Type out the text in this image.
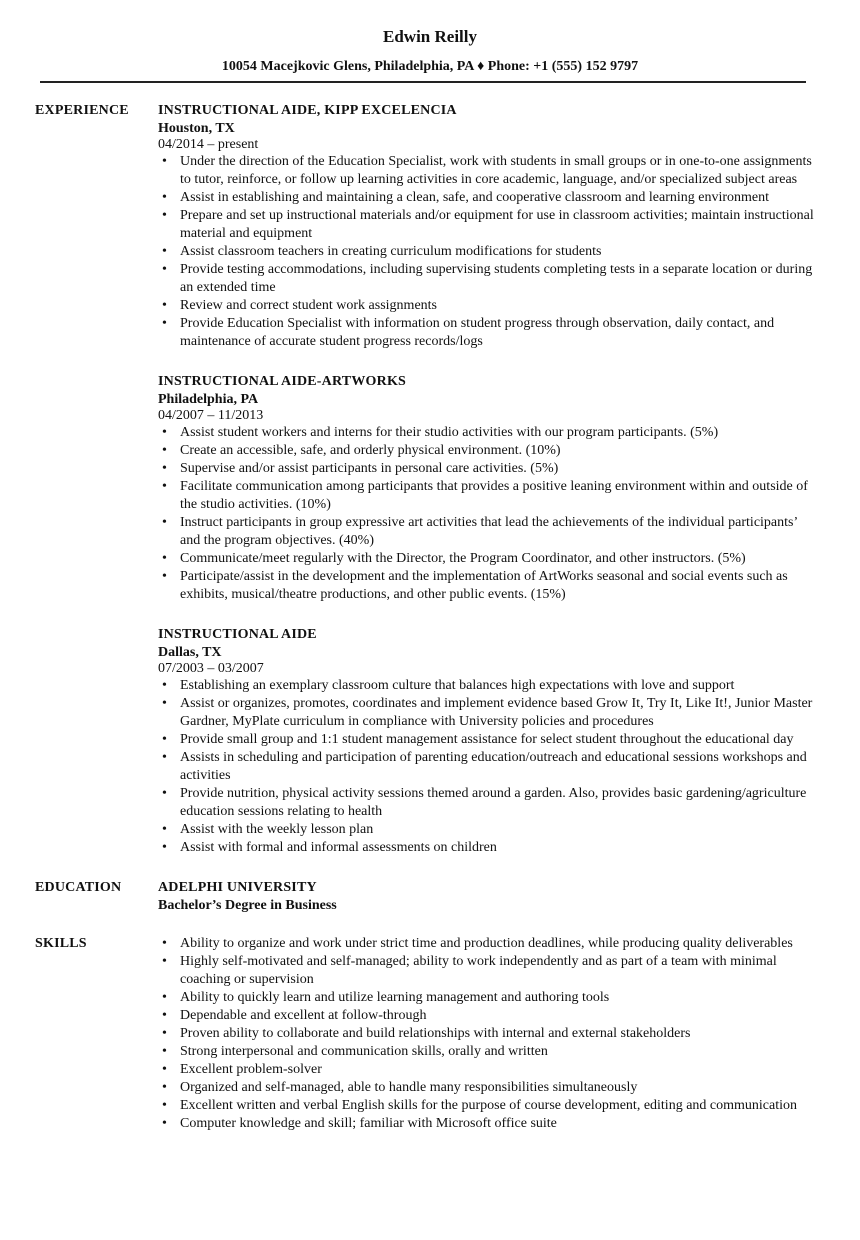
Edwin Reilly
10054 Macejkovic Glens, Philadelphia, PA ♦ Phone: +1 (555) 152 9797
EXPERIENCE INSTRUCTIONAL AIDE, KIPP EXCELENCIA
Houston, TX
04/2014 – present
• Under the direction of the Education Specialist, work with students in small groups or in one-to-one assignments to tutor, reinforce, or follow up learning activities in core academic, language, and/or specialized subject areas
• Assist in establishing and maintaining a clean, safe, and cooperative classroom and learning environment
• Prepare and set up instructional materials and/or equipment for use in classroom activities; maintain instructional material and equipment
• Assist classroom teachers in creating curriculum modifications for students
• Provide testing accommodations, including supervising students completing tests in a separate location or during an extended time
• Review and correct student work assignments
• Provide Education Specialist with information on student progress through observation, daily contact, and maintenance of accurate student progress records/logs
INSTRUCTIONAL AIDE-ARTWORKS
Philadelphia, PA
04/2007 – 11/2013
• Assist student workers and interns for their studio activities with our program participants. (5%)
• Create an accessible, safe, and orderly physical environment. (10%)
• Supervise and/or assist participants in personal care activities. (5%)
• Facilitate communication among participants that provides a positive leaning environment within and outside of the studio activities. (10%)
• Instruct participants in group expressive art activities that lead the achievements of the individual participants’ and the program objectives. (40%)
• Communicate/meet regularly with the Director, the Program Coordinator, and other instructors. (5%)
• Participate/assist in the development and the implementation of ArtWorks seasonal and social events such as exhibits, musical/theatre productions, and other public events. (15%)
INSTRUCTIONAL AIDE
Dallas, TX
07/2003 – 03/2007
• Establishing an exemplary classroom culture that balances high expectations with love and support
• Assist or organizes, promotes, coordinates and implement evidence based Grow It, Try It, Like It!, Junior Master Gardner, MyPlate curriculum in compliance with University policies and procedures
• Provide small group and 1:1 student management assistance for select student throughout the educational day
• Assists in scheduling and participation of parenting education/outreach and educational sessions workshops and activities
• Provide nutrition, physical activity sessions themed around a garden. Also, provides basic gardening/agriculture education sessions relating to health
• Assist with the weekly lesson plan
• Assist with formal and informal assessments on children
EDUCATION	ADELPHI UNIVERSITY
Bachelor’s Degree in Business
SKILLS
•	Ability to organize and work under strict time and production deadlines, while producing quality deliverables
• Highly self-motivated and self-managed; ability to work independently and as part of a team with minimal coaching or supervision
• Ability to quickly learn and utilize learning management and authoring tools
• Dependable and excellent at follow-through
• Proven ability to collaborate and build relationships with internal and external stakeholders
• Strong interpersonal and communication skills, orally and written
• Excellent problem-solver
• Organized and self-managed, able to handle many responsibilities simultaneously
• Excellent written and verbal English skills for the purpose of course development, editing and communication
• Computer knowledge and skill; familiar with Microsoft office suite
